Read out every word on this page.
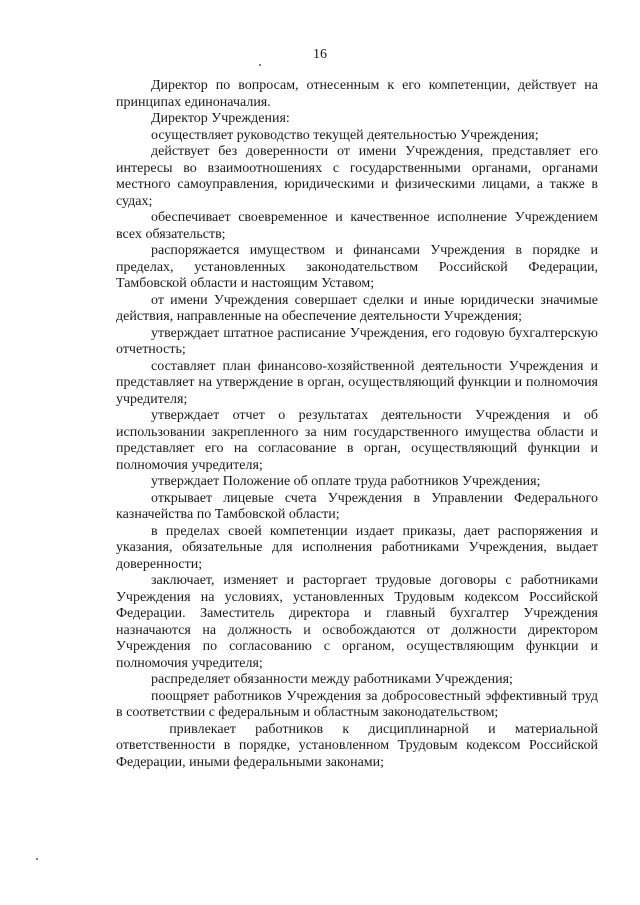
16

Директор по вопросам, отнесенным к его компетенции, действует на принципах единоначалия.

Директор Учреждения:

осуществляет руководство текущей деятельностью Учреждения;

действует без доверенности от имени Учреждения, представляет его интересы во взаимоотношениях с государственными органами, органами местного самоуправления, юридическими и физическими лицами, а также в судах;

обеспечивает своевременное и качественное исполнение Учреждением всех обязательств;

распоряжается имуществом и финансами Учреждения в порядке и пределах, установленных законодательством Российской Федерации, Тамбовской области и настоящим Уставом;

от имени Учреждения совершает сделки и иные юридически значимые действия, направленные на обеспечение деятельности Учреждения;

утверждает штатное расписание Учреждения, его годовую бухгалтерскую отчетность;

составляет план финансово-хозяйственной деятельности Учреждения и представляет на утверждение в орган, осуществляющий функции и полномочия учредителя;

утверждает отчет о результатах деятельности Учреждения и об использовании закрепленного за ним государственного имущества области и представляет его на согласование в орган, осуществляющий функции и полномочия учредителя;

утверждает Положение об оплате труда работников Учреждения;

открывает лицевые счета Учреждения в Управлении Федерального казначейства по Тамбовской области;

в пределах своей компетенции издает приказы, дает распоряжения и указания, обязательные для исполнения работниками Учреждения, выдает доверенности;

заключает, изменяет и расторгает трудовые договоры с работниками Учреждения на условиях, установленных Трудовым кодексом Российской Федерации. Заместитель директора и главный бухгалтер Учреждения назначаются на должность и освобождаются от должности директором Учреждения по согласованию с органом, осуществляющим функции и полномочия учредителя;

распределяет обязанности между работниками Учреждения;

поощряет работников Учреждения за добросовестный эффективный труд в соответствии с федеральным и областным законодательством;

привлекает работников к дисциплинарной и материальной ответственности в порядке, установленном Трудовым кодексом Российской Федерации, иными федеральными законами;
